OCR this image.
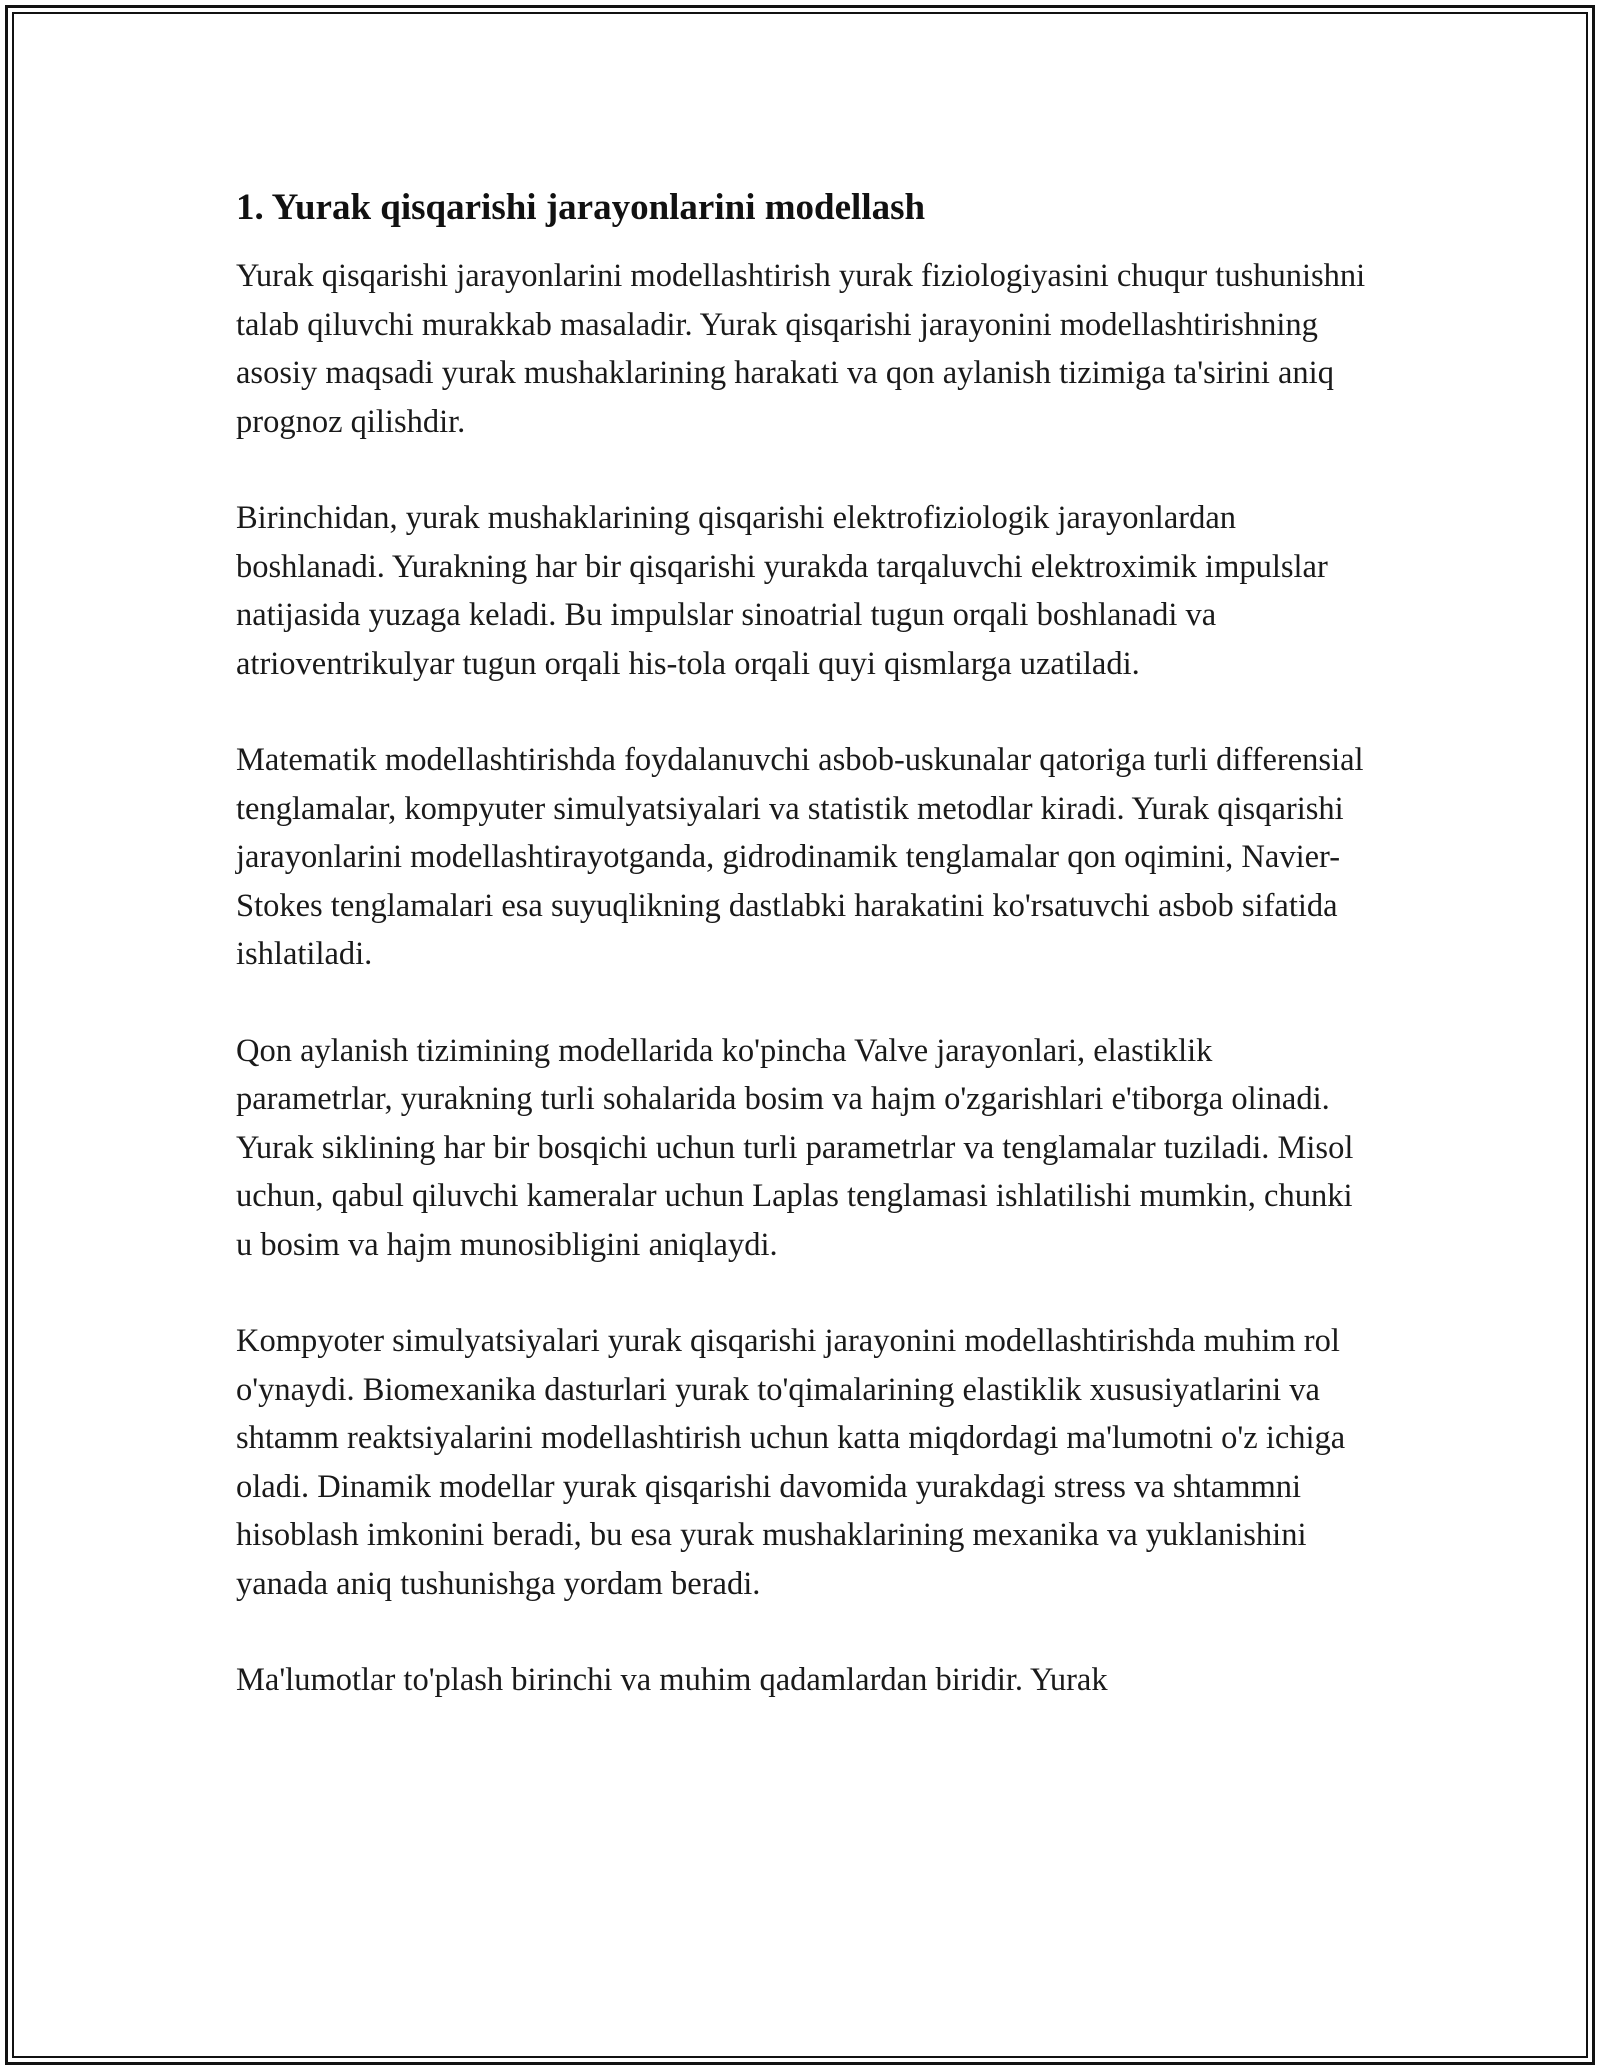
1. Yurak qisqarishi jarayonlarini modellash

Yurak qisqarishi jarayonlarini modellashtirish yurak fiziologiyasini chuqur tushunishni talab qiluvchi murakkab masaladir. Yurak qisqarishi jarayonini modellashtirishning asosiy maqsadi yurak mushaklarining harakati va qon aylanish tizimiga ta'sirini aniq prognoz qilishdir.

Birinchidan, yurak mushaklarining qisqarishi elektrofiziologik jarayonlardan boshlanadi. Yurakning har bir qisqarishi yurakda tarqaluvchi elektroximik impulslar natijasida yuzaga keladi. Bu impulslar sinoatrial tugun orqali boshlanadi va atrioventrikulyar tugun orqali his-tola orqali quyi qismlarga uzatiladi.

Matematik modellashtirishda foydalanuvchi asbob-uskunalar qatoriga turli differensial tenglamalar, kompyuter simulyatsiyalari va statistik metodlar kiradi. Yurak qisqarishi jarayonlarini modellashtirayotganda, gidrodinamik tenglamalar qon oqimini, Navier-Stokes tenglamalari esa suyuqlikning dastlabki harakatini ko'rsatuvchi asbob sifatida ishlatiladi.

Qon aylanish tizimining modellarida ko'pincha Valve jarayonlari, elastiklik parametrlar, yurakning turli sohalarida bosim va hajm o'zgarishlari e'tiborga olinadi. Yurak siklining har bir bosqichi uchun turli parametrlar va tenglamalar tuziladi. Misol uchun, qabul qiluvchi kameralar uchun Laplas tenglamasi ishlatilishi mumkin, chunki u bosim va hajm munosibligini aniqlaydi.

Kompyoter simulyatsiyalari yurak qisqarishi jarayonini modellashtirishda muhim rol o'ynaydi. Biomexanika dasturlari yurak to'qimalarining elastiklik xususiyatlarini va shtamm reaktsiyalarini modellashtirish uchun katta miqdordagi ma'lumotni o'z ichiga oladi. Dinamik modellar yurak qisqarishi davomida yurakdagi stress va shtammni hisoblash imkonini beradi, bu esa yurak mushaklarining mexanika va yuklanishini yanada aniq tushunishga yordam beradi.

Ma'lumotlar to'plash birinchi va muhim qadamlardan biridir. Yurak
